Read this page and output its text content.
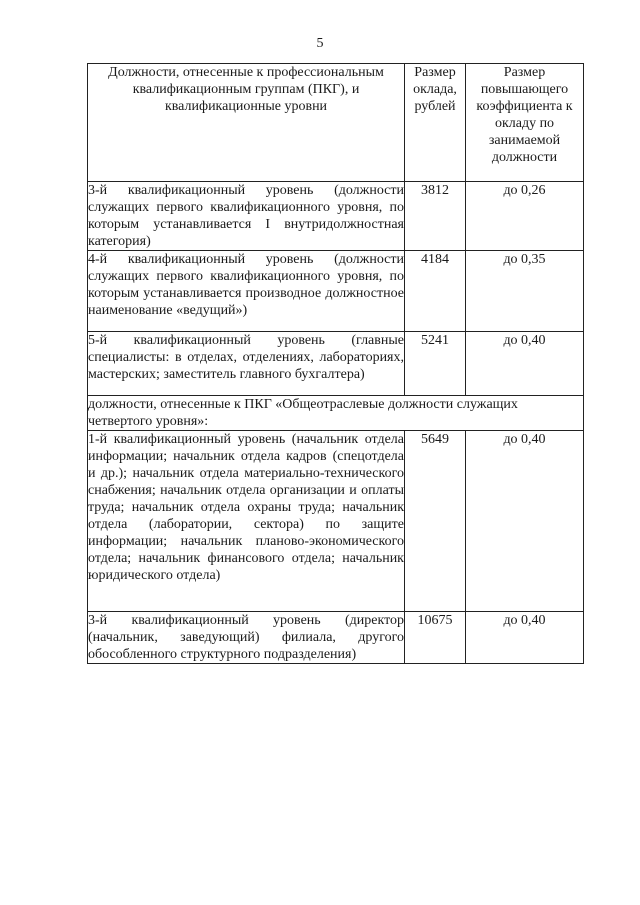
5
Должности, отнесенные к профессиональным квалификационным группам (ПКГ), и квалификационные уровни	Размер оклада, рублей	Размер повышающего коэффициента к окладу по занимаемой должности
3-й квалификационный уровень (должности служащих первого квалификационного уровня, по которым устанавливается I внутридолжностная категория)	3812	до 0,26
4-й квалификационный уровень (должности служащих первого квалификационного уровня, по которым устанавливается производное должностное наименование «ведущий»)	4184	до 0,35
5-й квалификационный уровень (главные специалисты: в отделах, отделениях, лабораториях, мастерских; заместитель главного бухгалтера)	5241	до 0,40
должности, отнесенные к ПКГ «Общеотраслевые должности служащих четвертого уровня»:		
1-й квалификационный уровень (начальник отдела информации; начальник отдела кадров (спецотдела и др.); начальник отдела материально-технического снабжения; начальник отдела организации и оплаты труда; начальник отдела охраны труда; начальник отдела (лаборатории, сектора) по защите информации; начальник планово-экономического отдела; начальник финансового отдела; начальник юридического отдела)	5649	до 0,40
3-й квалификационный уровень (директор (начальник, заведующий) филиала, другого обособленного структурного подразделения)	10675	до 0,40
